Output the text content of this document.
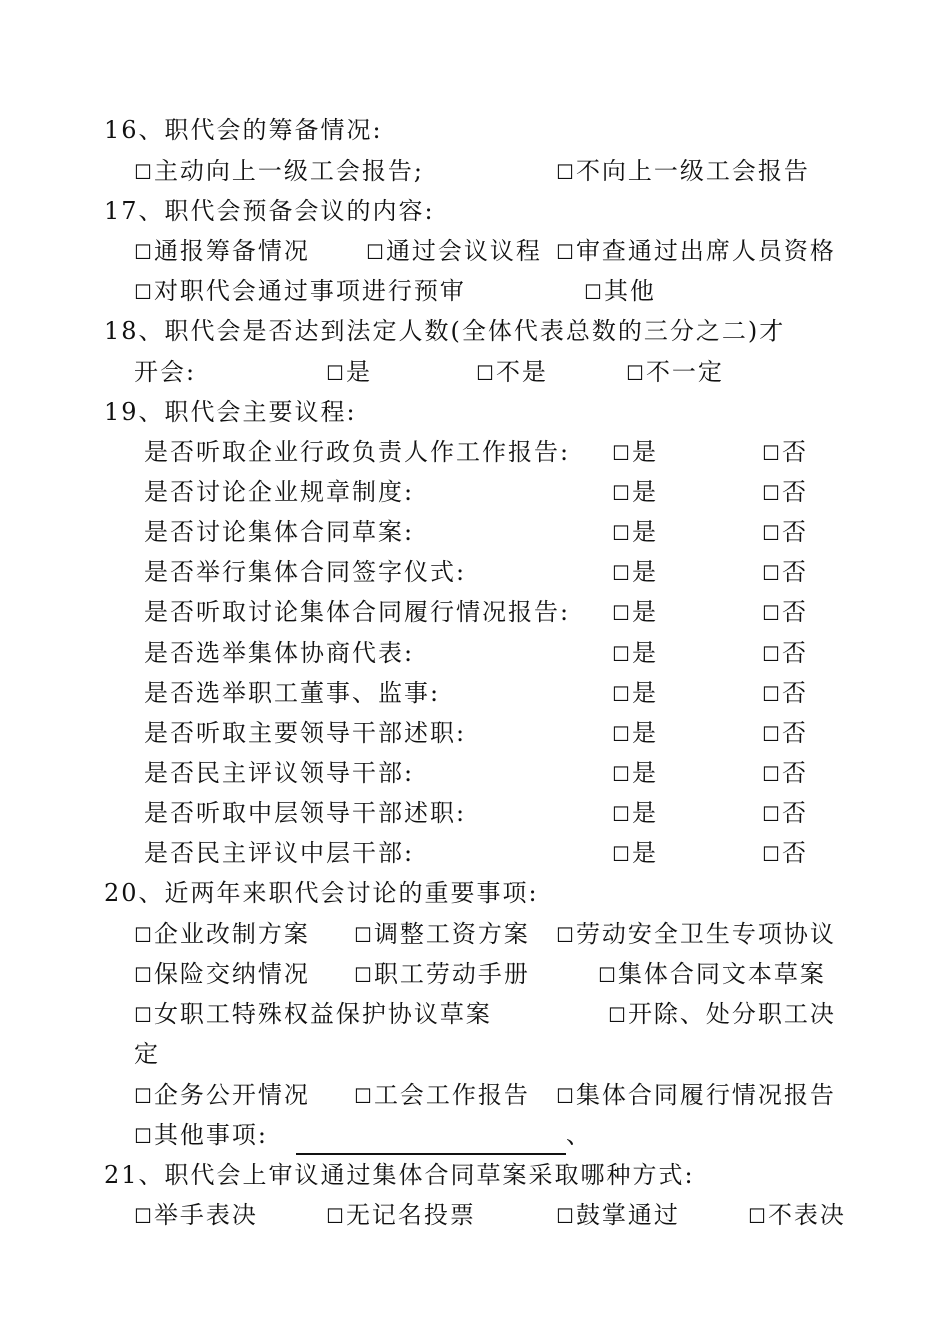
16、职代会的筹备情况:
☐主动向上一级工会报告;	☐不向上一级工会报告
17、职代会预备会议的内容:
☐通报筹备情况	☐通过会议议程 ☐审查通过出席人员资格
☐对职代会通过事项进行预审	☐其他
18、职代会是否达到法定人数(全体代表总数的三分之二)才
开会:	☐是	☐不是	☐不一定
19、职代会主要议程:
是否听取企业行政负责人作工作报告: ☐是	☐否
是否讨论企业规章制度:	☐是	☐否
是否讨论集体合同草案:	☐是	☐否
是否举行集体合同签字仪式:	☐是	☐否
是否听取讨论集体合同履行情况报告: ☐是	☐否
是否选举集体协商代表:	☐是	☐否
是否选举职工董事、监事:	☐是	☐否
是否听取主要领导干部述职:	☐是	☐否
是否民主评议领导干部:	☐是	☐否
是否听取中层领导干部述职:	☐是	☐否
是否民主评议中层干部:	☐是	☐否
20、近两年来职代会讨论的重要事项:
☐企业改制方案 ☐调整工资方案 ☐劳动安全卫生专项协议
☐保险交纳情况 ☐职工劳动手册	☐集体合同文本草案
☐女职工特殊权益保护协议草案	☐开除、处分职工决
定
☐企务公开情况 ☐工会工作报告 ☐集体合同履行情况报告
☐其他事项:	、
21、职代会上审议通过集体合同草案采取哪种方式:
☐举手表决	☐无记名投票	☐鼓掌通过	☐不表决
